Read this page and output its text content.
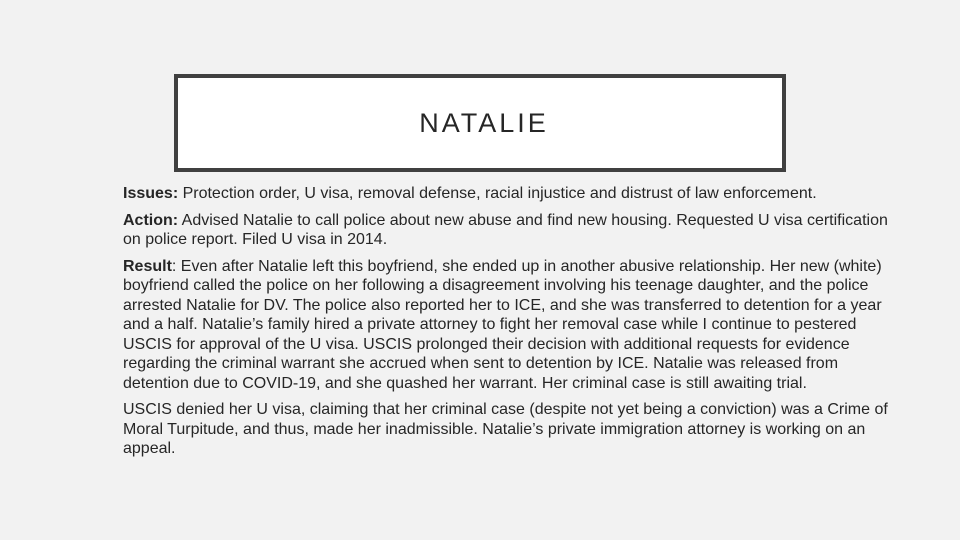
NATALIE

Issues: Protection order, U visa, removal defense, racial injustice and distrust of law enforcement.

Action: Advised Natalie to call police about new abuse and find new housing. Requested U visa certification on police report. Filed U visa in 2014.

Result: Even after Natalie left this boyfriend, she ended up in another abusive relationship. Her new (white) boyfriend called the police on her following a disagreement involving his teenage daughter, and the police arrested Natalie for DV. The police also reported her to ICE, and she was transferred to detention for a year and a half. Natalie’s family hired a private attorney to fight her removal case while I continue to pestered USCIS for approval of the U visa. USCIS prolonged their decision with additional requests for evidence regarding the criminal warrant she accrued when sent to detention by ICE. Natalie was released from detention due to COVID-19, and she quashed her warrant. Her criminal case is still awaiting trial.

USCIS denied her U visa, claiming that her criminal case (despite not yet being a conviction) was a Crime of Moral Turpitude, and thus, made her inadmissible. Natalie’s private immigration attorney is working on an appeal.
